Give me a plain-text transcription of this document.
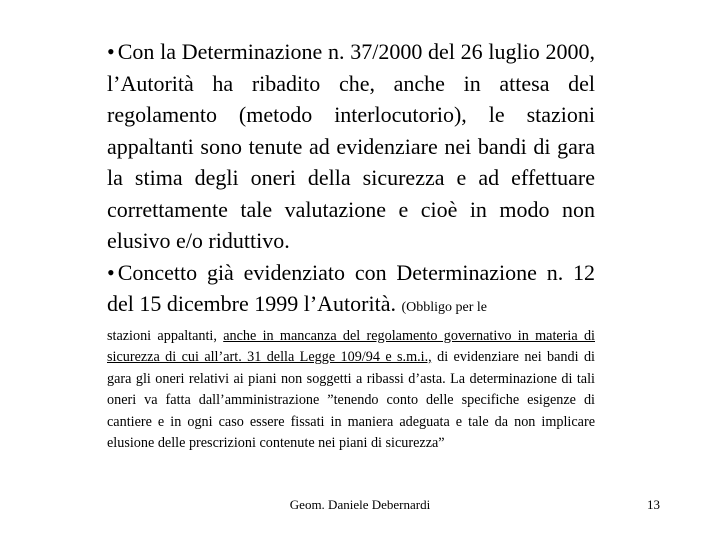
• Con la Determinazione n. 37/2000 del 26 luglio 2000, l’Autorità ha ribadito che, anche in attesa del regolamento (metodo interlocutorio), le stazioni appaltanti sono tenute ad evidenziare nei bandi di gara la stima degli oneri della sicurezza e ad effettuare correttamente tale valutazione e cioè in modo non elusivo e/o riduttivo.

• Concetto già evidenziato con Determinazione n. 12 del 15 dicembre 1999 l’Autorità. (Obbligo per le

stazioni appaltanti, anche in mancanza del regolamento governativo in materia di sicurezza di cui all’art. 31 della Legge 109/94 e s.m.i., di evidenziare nei bandi di gara gli oneri relativi ai piani non soggetti a ribassi d’asta. La determinazione di tali oneri va fatta dall’amministrazione ”tenendo conto delle specifiche esigenze di cantiere e in ogni caso essere fissati in maniera adeguata e tale da non implicare elusione delle prescrizioni contenute nei piani di sicurezza”

Geom. Daniele Debernardi	13
